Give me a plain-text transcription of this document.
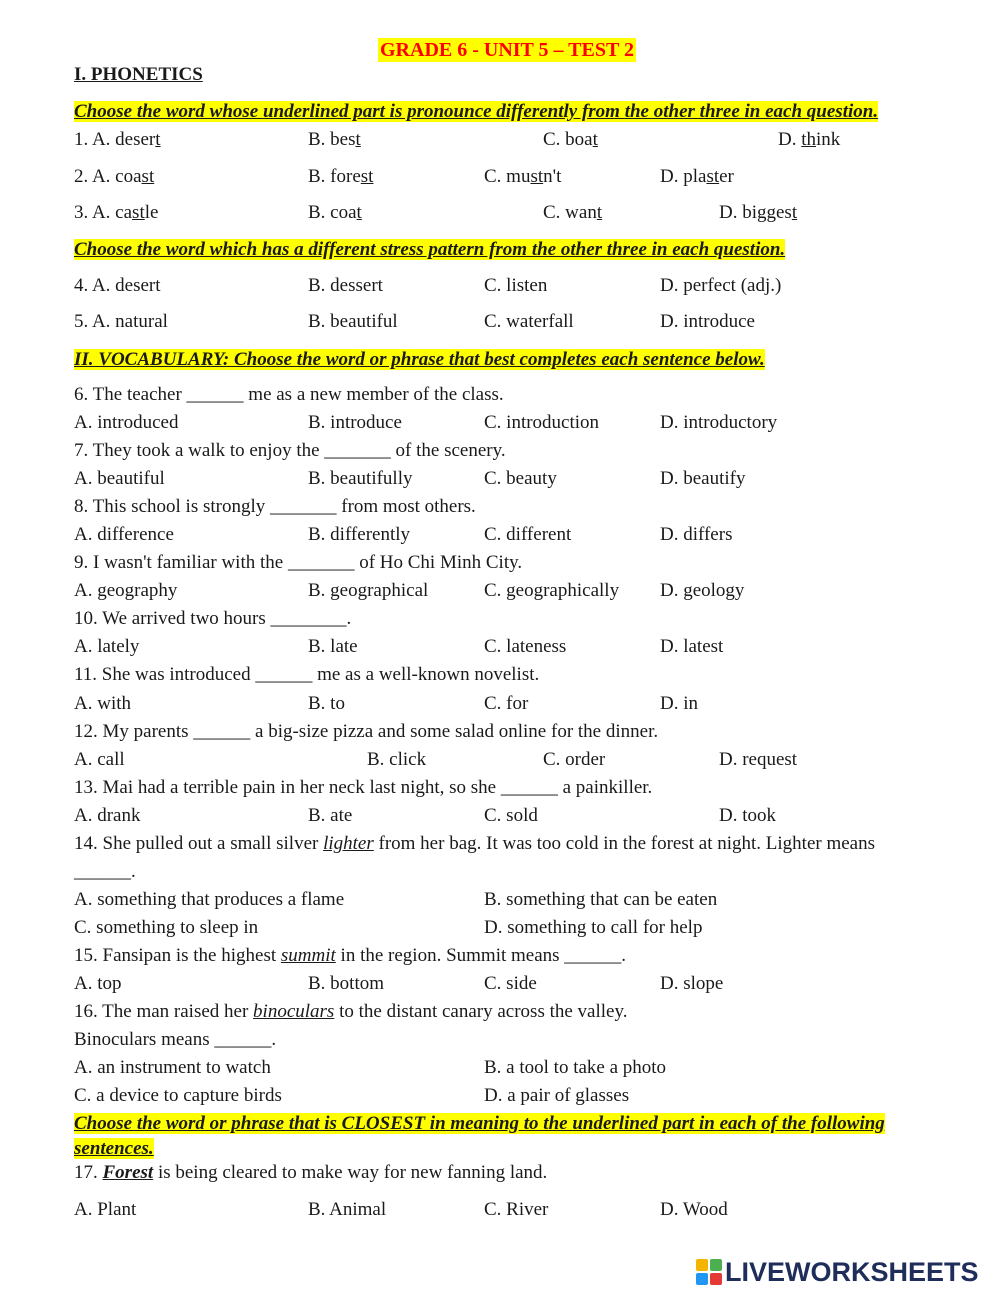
GRADE 6 - UNIT 5 – TEST 2
I. PHONETICS
Choose the word whose underlined part is pronounce differently from the other three in each question.
1. A. desert	B. best	C. boat	D. think
2. A. coast	B. forest	C. mustn't	D. plaster
3. A. castle	B. coat	C. want	D. biggest
Choose the word which has a different stress pattern from the other three in each question.
4. A. desert	B. dessert	C. listen	D. perfect (adj.)
5. A. natural	B. beautiful	C. waterfall	D. introduce
II. VOCABULARY: Choose the word or phrase that best completes each sentence below.
6. The teacher ______ me as a new member of the class.
A. introduced	B. introduce	C. introduction	D. introductory
7. They took a walk to enjoy the _______ of the scenery.
A. beautiful	B. beautifully	C. beauty	D. beautify
8. This school is strongly _______ from most others.
A. difference	B. differently	C. different	D. differs
9. I wasn't familiar with the _______ of Ho Chi Minh City.
A. geography	B. geographical	C. geographically D. geology
10. We arrived two hours ________.
A. lately	B. late	C. lateness	D. latest
11. She was introduced ______ me as a well-known novelist.
A. with	B. to	C. for	D. in
12. My parents ______ a big-size pizza and some salad online for the dinner.
A. call	B. click	C. order	D. request
13. Mai had a terrible pain in her neck last night, so she ______ a painkiller.
A. drank	B. ate	C. sold	D. took
14. She pulled out a small silver lighter from her bag. It was too cold in the forest at night. Lighter means
______.
A. something that produces a flame	B. something that can be eaten
C. something to sleep in	D. something to call for help
15. Fansipan is the highest summit in the region. Summit means ______.
A. top	B. bottom	C. side	D. slope
16. The man raised her binoculars to the distant canary across the valley.
Binoculars means ______.
A. an instrument to watch	B. a tool to take a photo
C. a device to capture birds	D. a pair of glasses
Choose the word or phrase that is CLOSEST in meaning to the underlined part in each of the following
sentences.
17. Forest is being cleared to make way for new fanning land.
A. Plant	B. Animal	C. River	D. Wood
LIVEWORKSHEETS
